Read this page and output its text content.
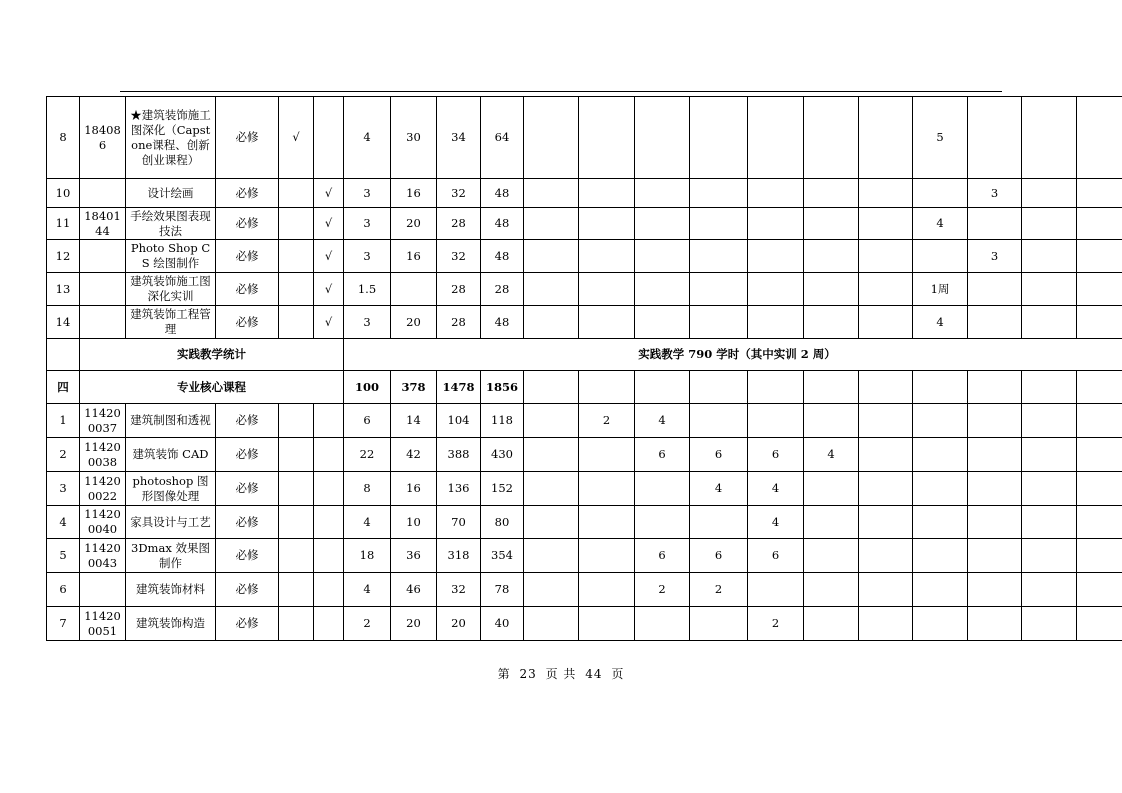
8	184086	★建筑装饰施工图深化（Capstone课程、创新创业课程）	必修	√		4	30	34	64								5			
10		设计绘画	必修		√	3	16	32	48									3		
11	1840144	手绘效果图表现技法	必修		√	3	20	28	48								4			
12		Photo Shop CS 绘图制作	必修		√	3	16	32	48									3		
13		建筑装饰施工图深化实训	必修		√	1.5		28	28								1周			
14		建筑装饰工程管理	必修		√	3	20	28	48								4			
	实践教学统计					实践教学 790 学时（其中实训 2 周）														
四	专业核心课程					100	378	1478	1856											
1	114200037	建筑制图和透视	必修			6	14	104	118		2	4								
2	114200038	建筑装饰 CAD	必修			22	42	388	430			6	6	6	4					
3	114200022	photoshop 图形图像处理	必修			8	16	136	152				4	4						
4	114200040	家具设计与工艺	必修			4	10	70	80					4						
5	114200043	3Dmax 效果图制作	必修			18	36	318	354			6	6	6						
6		建筑装饰材料	必修			4	46	32	78			2	2							
7	114200051	建筑装饰构造	必修			2	20	20	40					2						
第 23 页 共 44 页
